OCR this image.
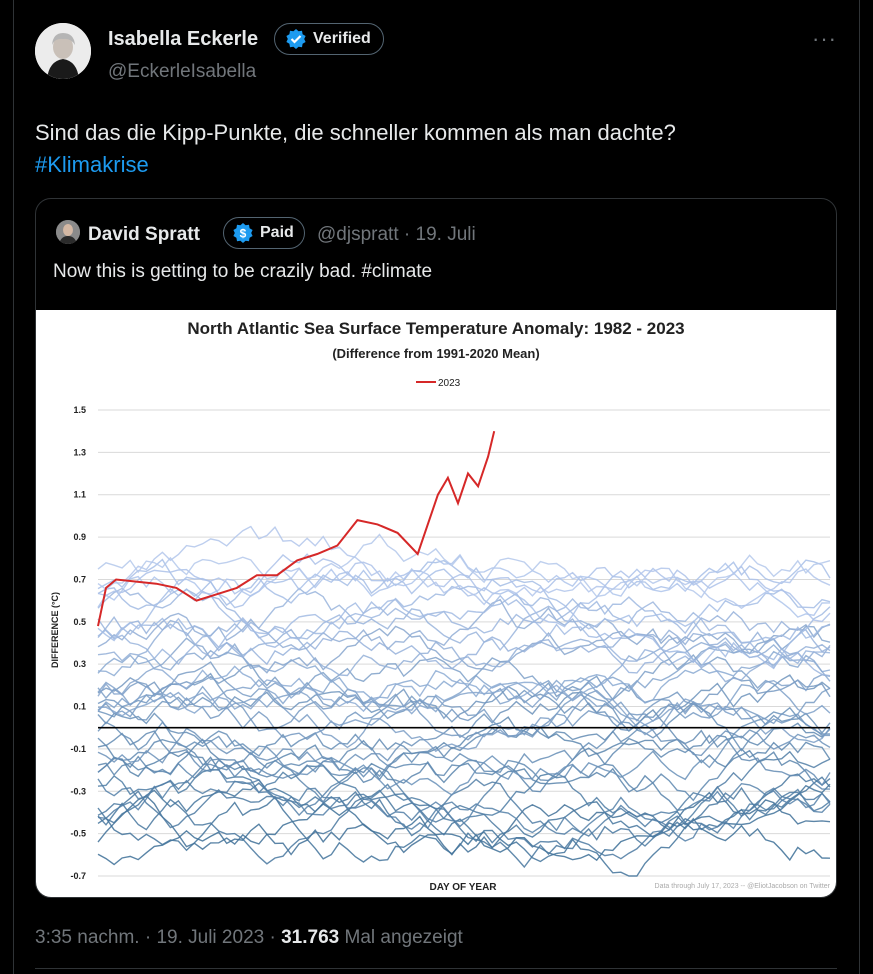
Isabella Eckerle	Verified
@EckerleIsabella
···
Sind das die Kipp-Punkte, die schneller kommen als man dachte?
#Klimakrise
David Spratt	$ Paid @djspratt · 19. Juli
Now this is getting to be crazily bad. #climate
North Atlantic Sea Surface Temperature Anomaly: 1982 - 2023
(Difference from 1991-2020 Mean)
2023
1.5
1.3
1.1
0.9
0.7
0.5
0.3
0.1
-0.1
-0.3
-0.5
-0.7
DIFFERENCE (°C)
DAY OF YEAR	Data through July 17, 2023 -- @EliotJacobson on Twitter
3:35 nachm. · 19. Juli 2023 · 31.763 Mal angezeigt
